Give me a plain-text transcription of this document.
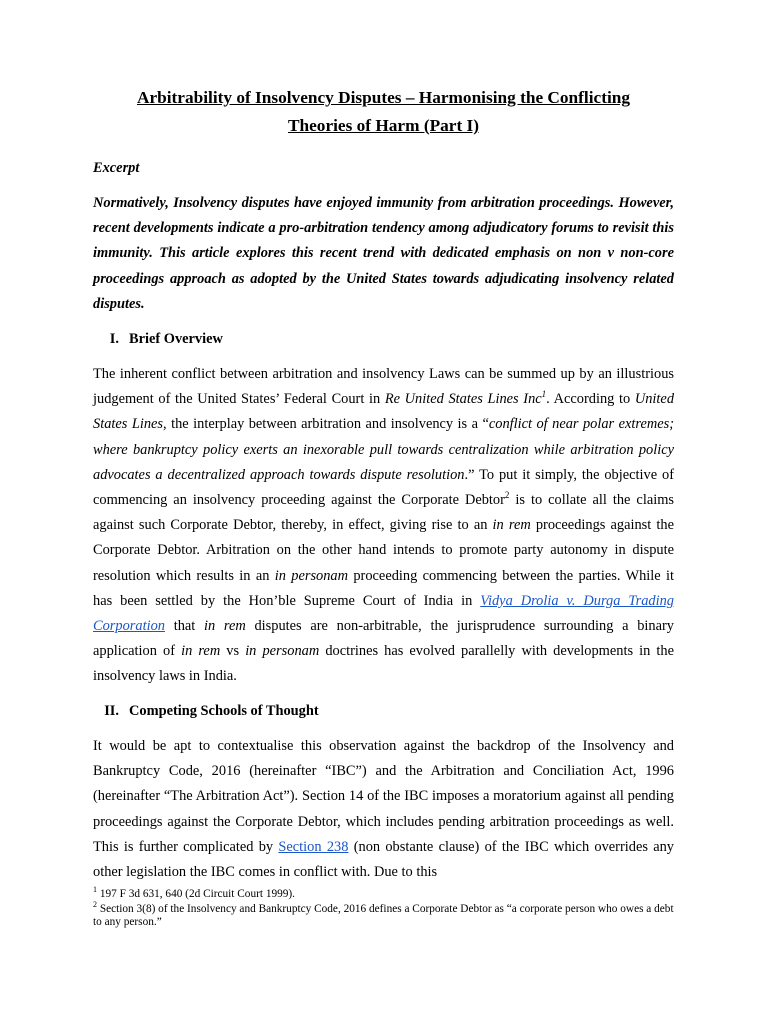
Arbitrability of Insolvency Disputes – Harmonising the Conflicting
Theories of Harm (Part I)

Excerpt

Normatively, Insolvency disputes have enjoyed immunity from arbitration proceedings. However, recent developments indicate a pro-arbitration tendency among adjudicatory forums to revisit this immunity. This article explores this recent trend with dedicated emphasis on non v non-core proceedings approach as adopted by the United States towards adjudicating insolvency related disputes.

I. Brief Overview

The inherent conflict between arbitration and insolvency Laws can be summed up by an illustrious judgement of the United States’ Federal Court in Re United States Lines Inc$^1$. According to United States Lines, the interplay between arbitration and insolvency is a “conflict of near polar extremes; where bankruptcy policy exerts an inexorable pull towards centralization while arbitration policy advocates a decentralized approach towards dispute resolution.” To put it simply, the objective of commencing an insolvency proceeding against the Corporate Debtor$^2$ is to collate all the claims against such Corporate Debtor, thereby, in effect, giving rise to an in rem proceedings against the Corporate Debtor. Arbitration on the other hand intends to promote party autonomy in dispute resolution which results in an in personam proceeding commencing between the parties. While it has been settled by the Hon’ble Supreme Court of India in Vidya Drolia v. Durga Trading Corporation that in rem disputes are non-arbitrable, the jurisprudence surrounding a binary application of in rem vs in personam doctrines has evolved parallelly with developments in the insolvency laws in India.

II. Competing Schools of Thought

It would be apt to contextualise this observation against the backdrop of the Insolvency and Bankruptcy Code, 2016 (hereinafter “IBC”) and the Arbitration and Conciliation Act, 1996 (hereinafter “The Arbitration Act”). Section 14 of the IBC imposes a moratorium against all pending proceedings against the Corporate Debtor, which includes pending arbitration proceedings as well. This is further complicated by Section 238 (non obstante clause) of the IBC which overrides any other legislation the IBC comes in conflict with. Due to this

$^1$ 197 F 3d 631, 640 (2d Circuit Court 1999).

$^2$ Section 3(8) of the Insolvency and Bankruptcy Code, 2016 defines a Corporate Debtor as “a corporate person who owes a debt to any person.”
